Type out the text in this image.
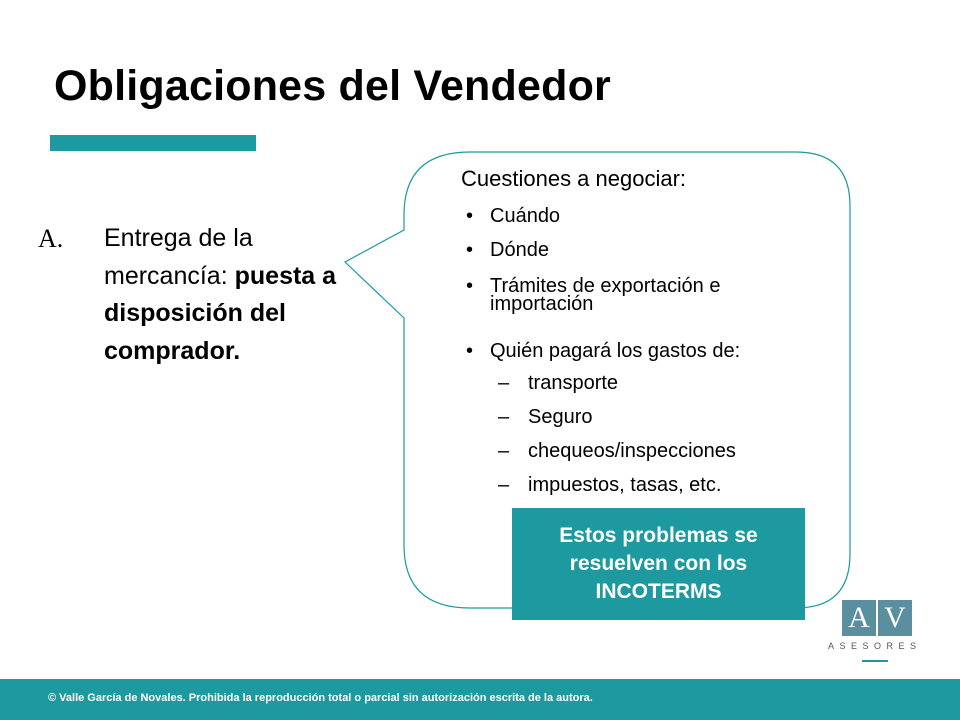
Obligaciones del Vendedor
A. Entrega de la mercancía: puesta a disposición del comprador.
Cuestiones a negociar:
• Cuándo
• Dónde
• Trámites de exportación e
importación
• Quién pagará los gastos de:
– transporte
– Seguro
– chequeos/inspecciones
– impuestos, tasas, etc.
Estos problemas se resuelven con los INCOTERMS
A V
ASESORES
© Valle García de Novales. Prohibida la reproducción total o parcial sin autorización escrita de la autora.
